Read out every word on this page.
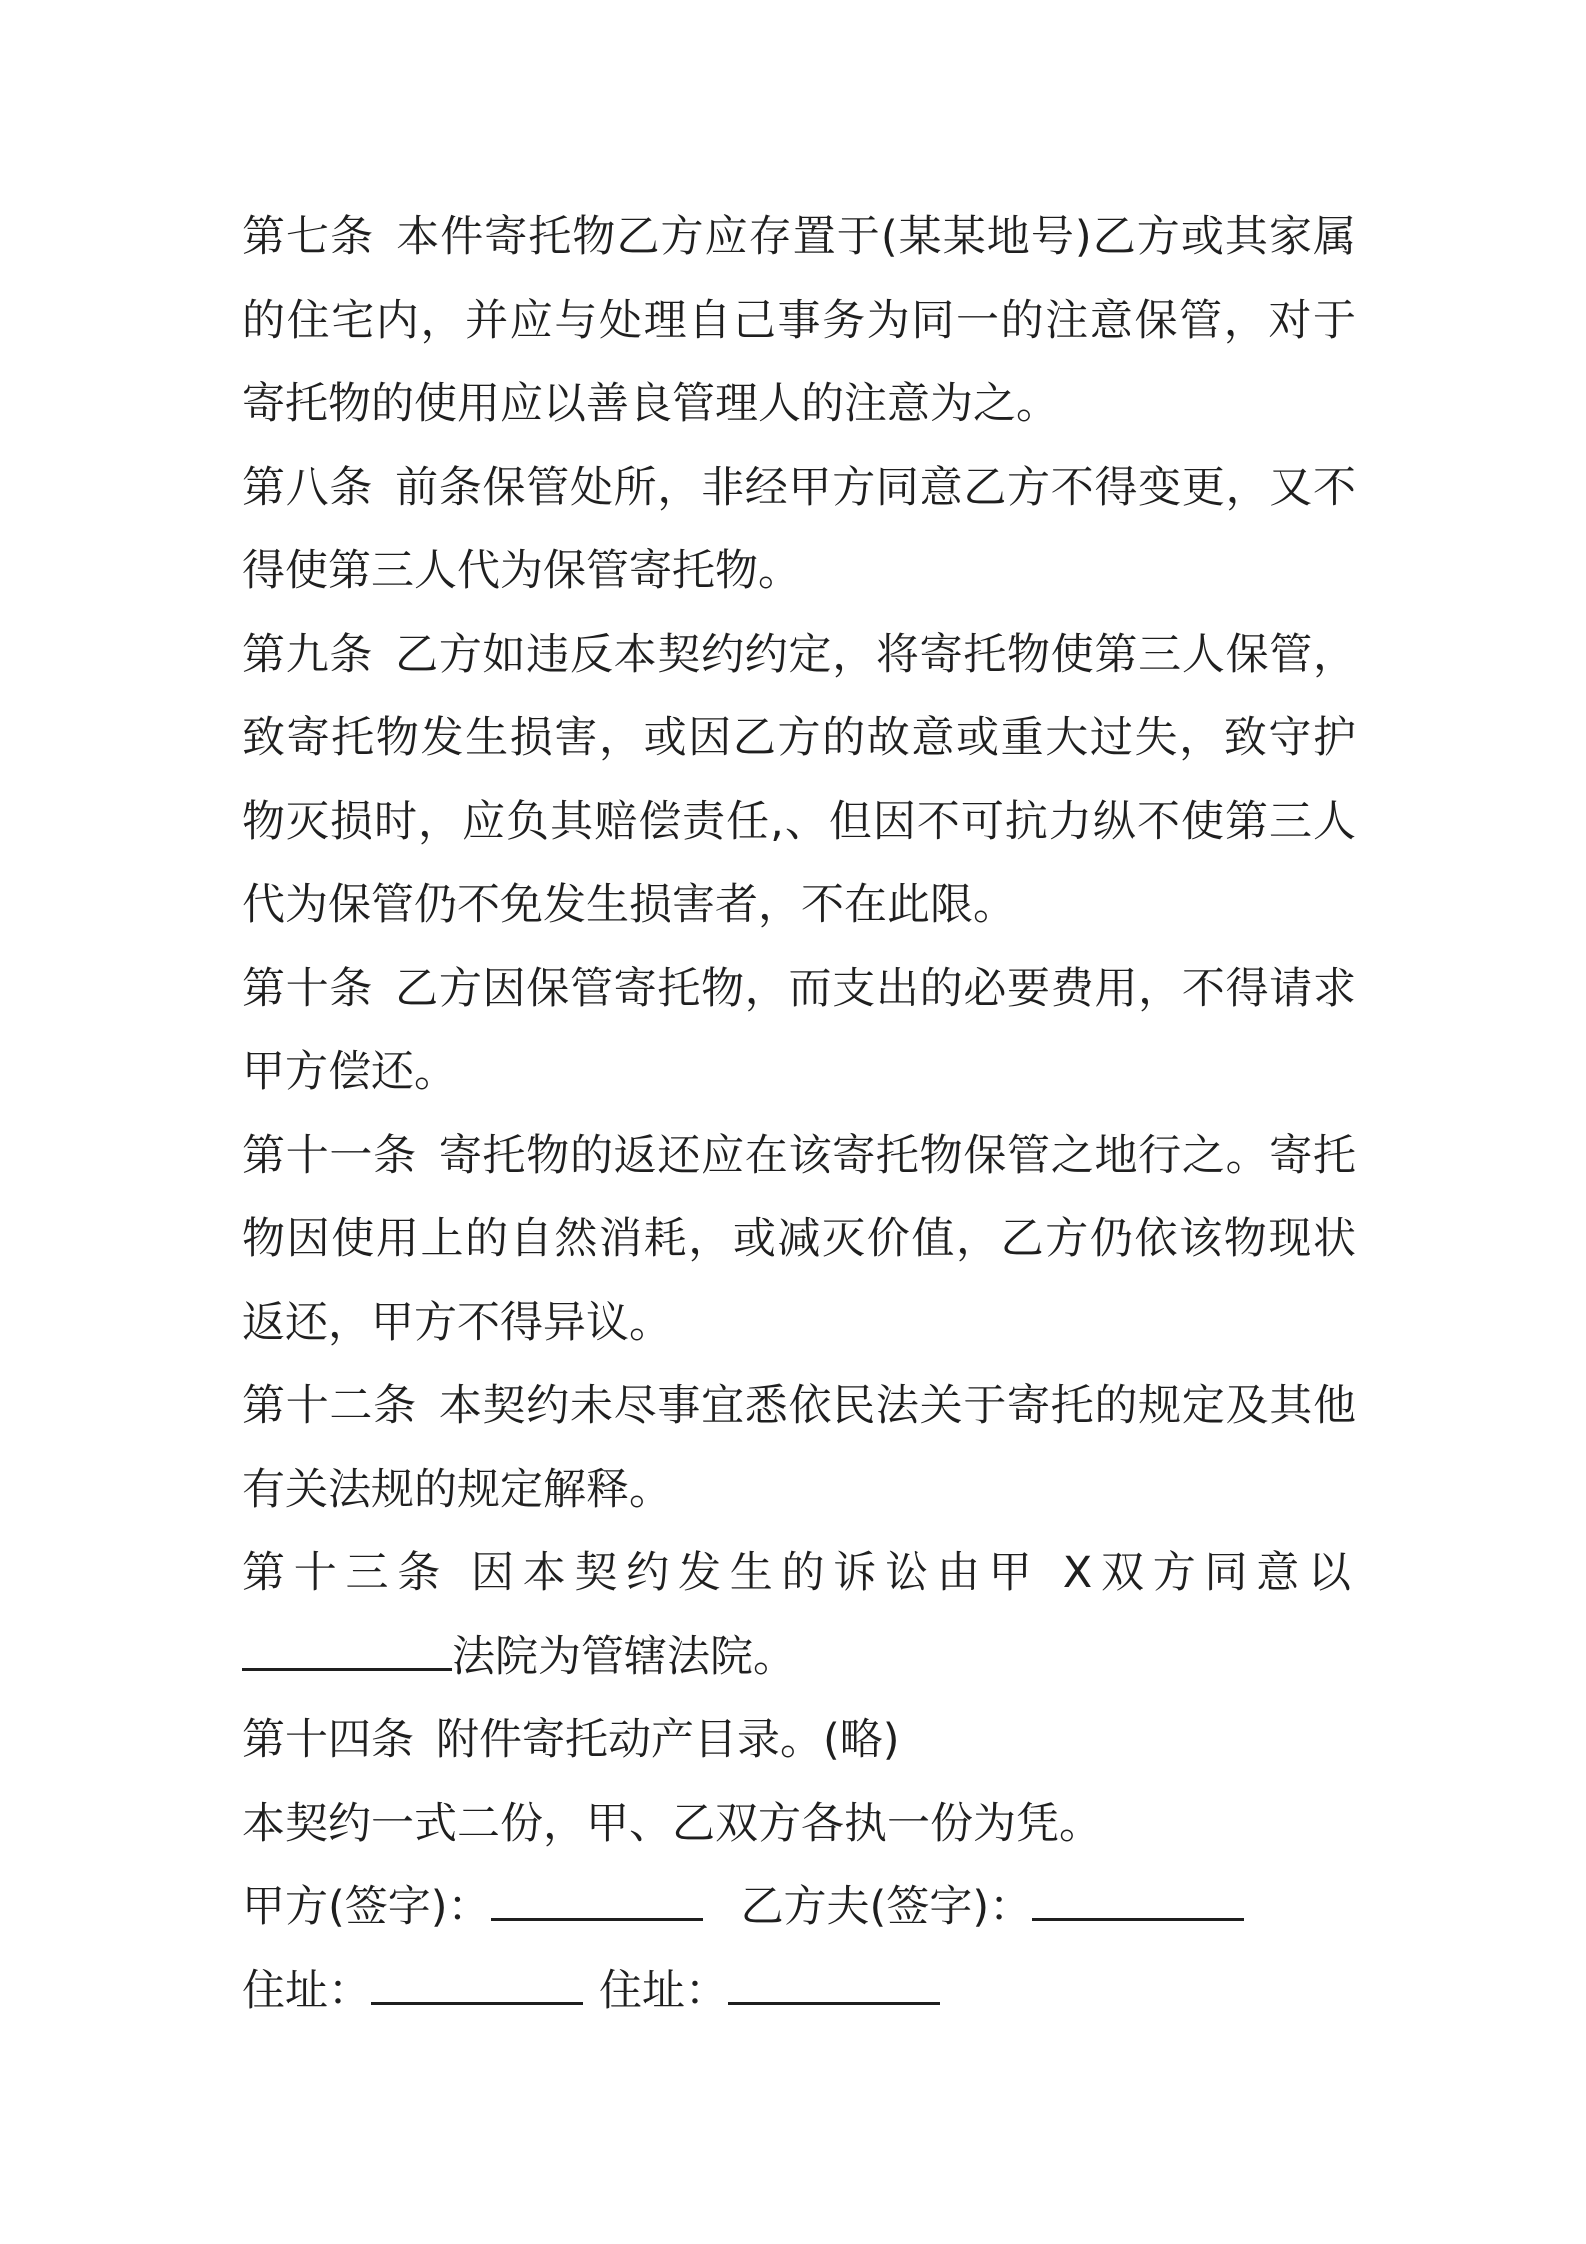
第七条 本件寄托物乙方应存置于(某某地号)乙方或其家属的住宅内，并应与处理自己事务为同一的注意保管，对于寄托物的使用应以善良管理人的注意为之。

第八条 前条保管处所，非经甲方同意乙方不得变更，又不得使第三人代为保管寄托物。

第九条 乙方如违反本契约约定，将寄托物使第三人保管，致寄托物发生损害，或因乙方的故意或重大过失，致守护物灭损时，应负其赔偿责任,、但因不可抗力纵不使第三人代为保管仍不免发生损害者，不在此限。

第十条 乙方因保管寄托物，而支出的必要费用，不得请求甲方偿还。

第十一条 寄托物的返还应在该寄托物保管之地行之。寄托物因使用上的自然消耗，或减灭价值，乙方仍依该物现状返还，甲方不得异议。

第十二条 本契约未尽事宜悉依民法关于寄托的规定及其他有关法规的规定解释。

第十三条 因本契约发生的诉讼由甲 X双方同意以

法院为管辖法院。

第十四条 附件寄托动产目录。(略)

本契约一式二份，甲、乙双方各执一份为凭。

甲方(签字)：	乙方夫(签字)：

住址：	住址：
